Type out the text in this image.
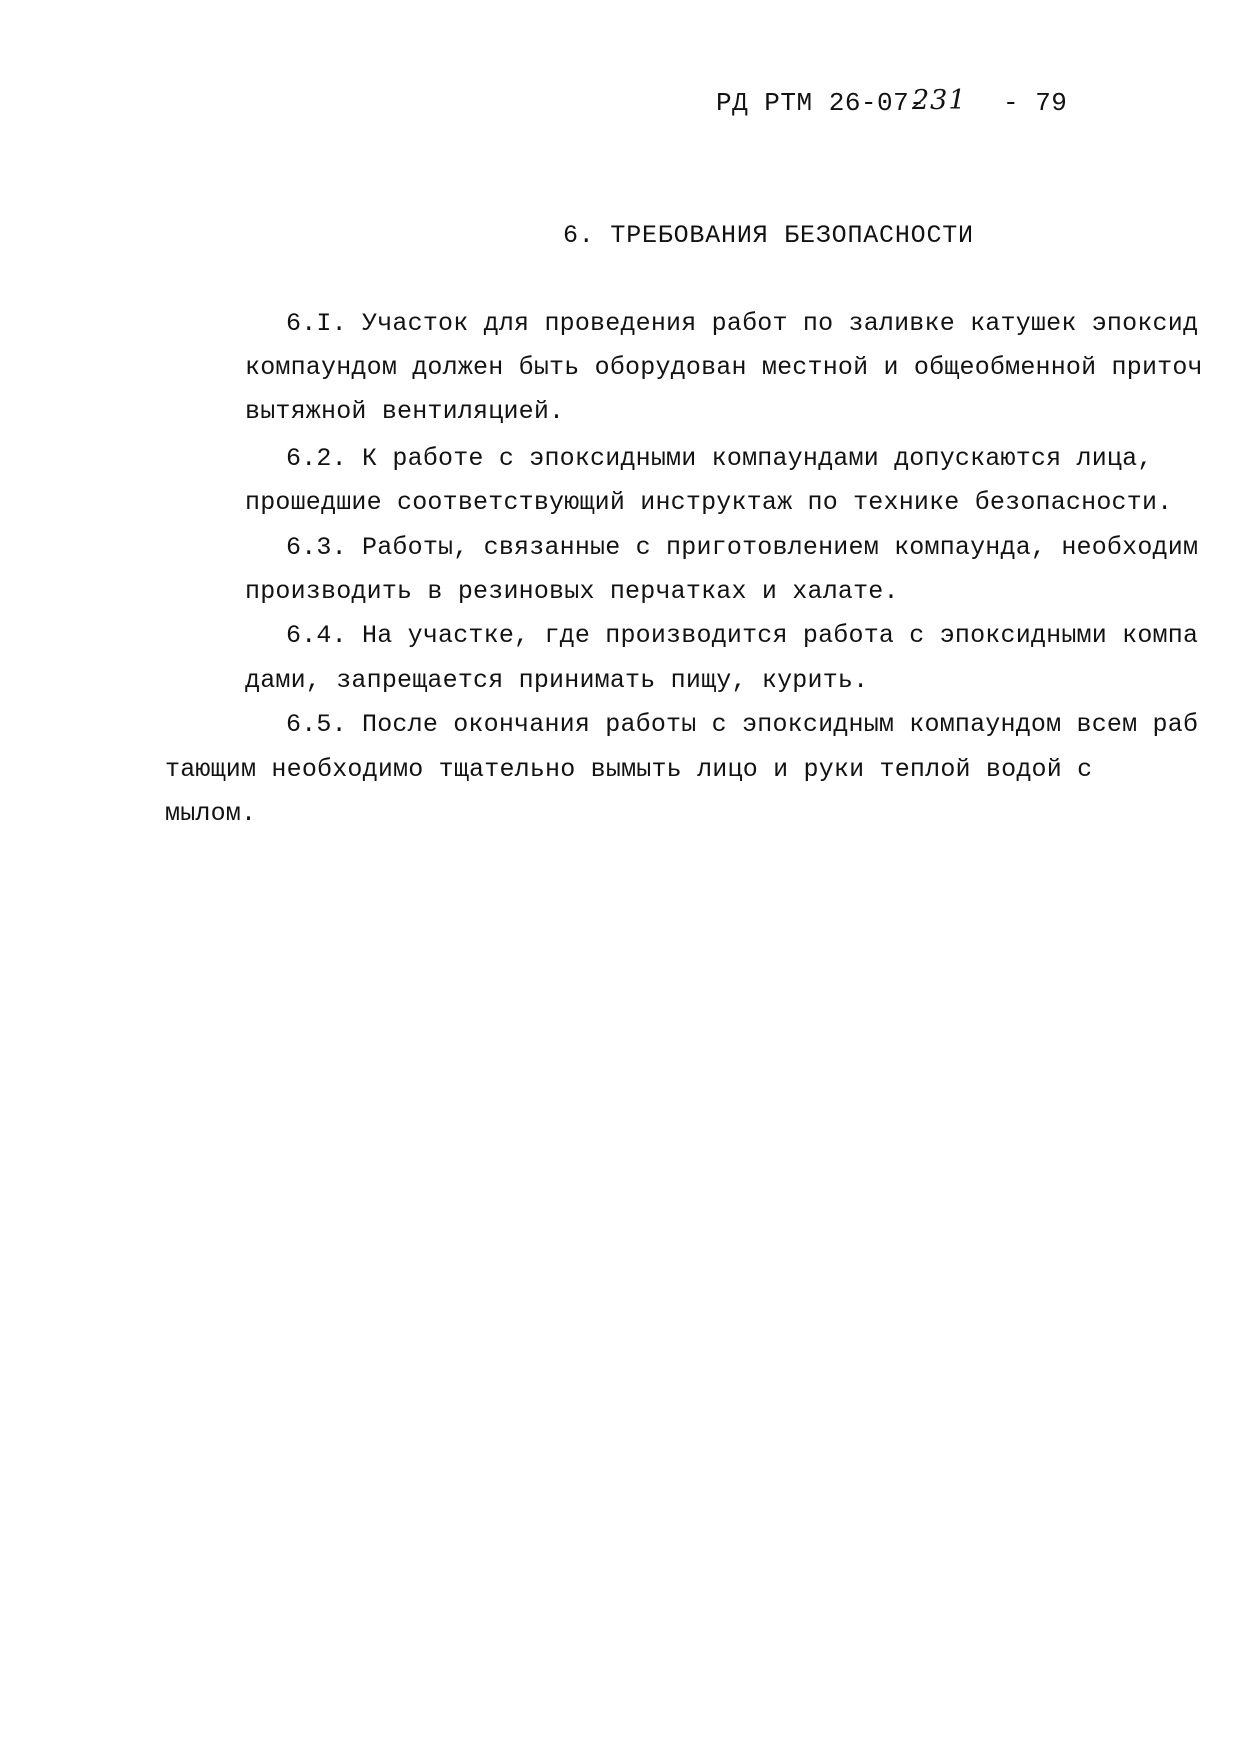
РД РТМ 26-07-
231 - 79
6. ТРЕБОВАНИЯ БЕЗОПАСНОСТИ
6.I. Участок для проведения работ по заливке катушек эпоксид
компаундом должен быть оборудован местной и общеобменной приточ
вытяжной вентиляцией.
6.2. К работе с эпоксидными компаундами допускаются лица,
прошедшие соответствующий инструктаж по технике безопасности.
6.3. Работы, связанные с приготовлением компаунда, необходим
производить в резиновых перчатках и халате.
6.4. На участке, где производится работа с эпоксидными компа
дами, запрещается принимать пищу, курить.
6.5. После окончания работы с эпоксидным компаундом всем раб
тающим необходимо тщательно вымыть лицо и руки теплой водой с
мылом.
